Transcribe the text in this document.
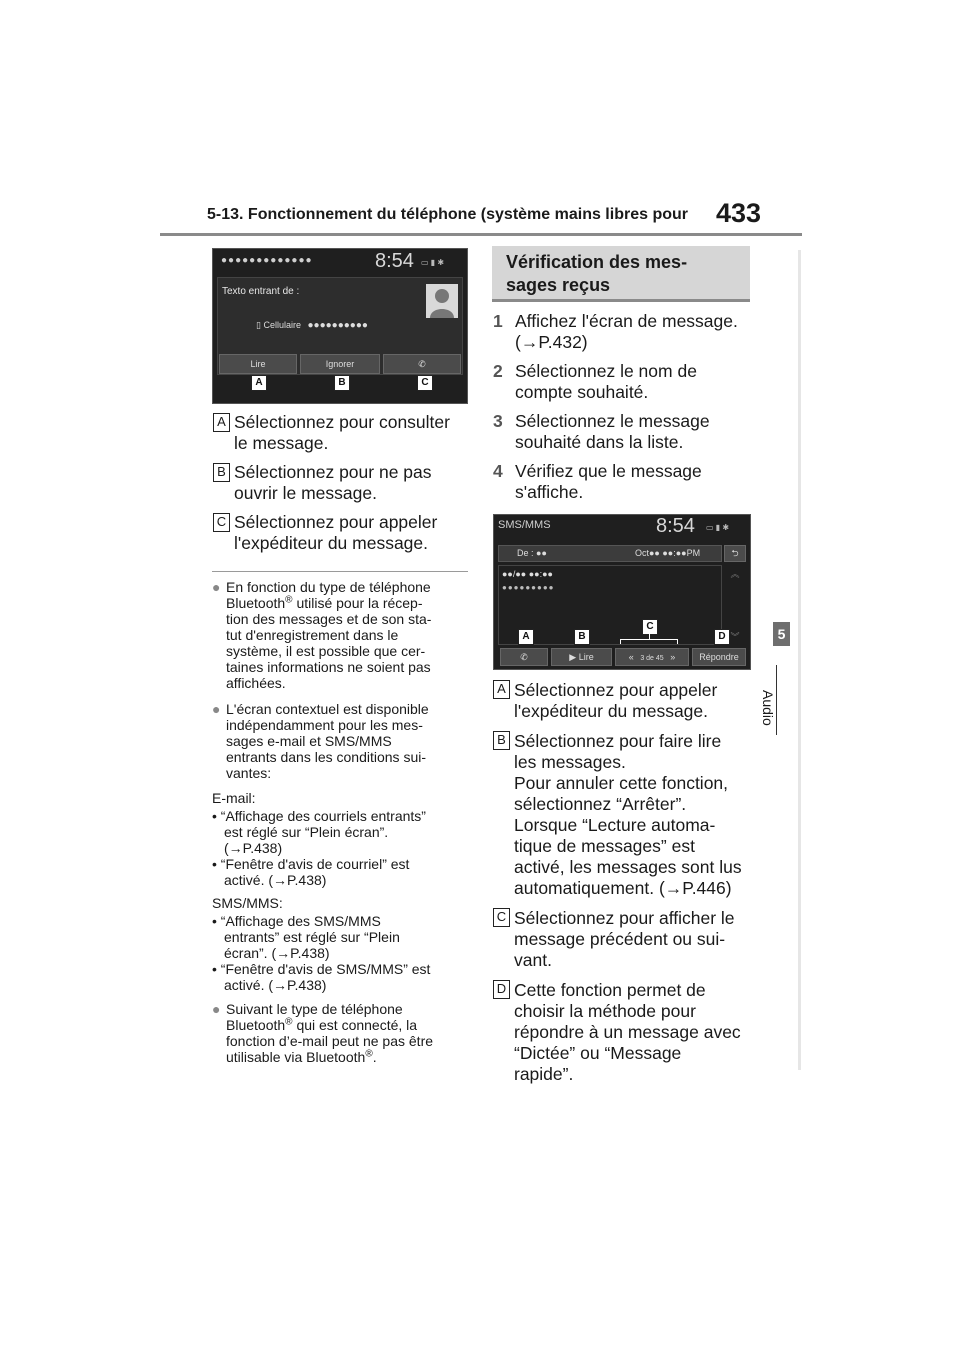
5-13. Fonctionnement du téléphone (système mains libres pour 433
5
Audio
●●●●●●●●●●●●●	8:54 ▭ ▮ ✱
Texto entrant de :
▯ Cellulaire ●●●●●●●●●●
Lire	Ignorer	✆
A	B	C
A Sélectionnez pour consulter
le message.
B Sélectionnez pour ne pas
ouvrir le message.
C Sélectionnez pour appeler
l'expéditeur du message.
● En fonction du type de téléphone
Bluetooth® utilisé pour la récep-
tion des messages et de son sta-
tut d'enregistrement dans le
système, il est possible que cer-
taines informations ne soient pas
affichées.
● L'écran contextuel est disponible
indépendamment pour les mes-
sages e-mail et SMS/MMS
entrants dans les conditions sui-
vantes:
E-mail:
• “Affichage des courriels entrants”
est réglé sur “Plein écran”.
(→P.438)
• “Fenêtre d'avis de courriel” est
activé. (→P.438)
SMS/MMS:
• “Affichage des SMS/MMS
entrants” est réglé sur “Plein
écran”. (→P.438)
• “Fenêtre d'avis de SMS/MMS” est
activé. (→P.438)
● Suivant le type de téléphone
Bluetooth® qui est connecté, la
fonction d’e-mail peut ne pas être
utilisable via Bluetooth®.
Vérification des mes-
sages reçus
1 Affichez l'écran de message.
(→P.432)
2 Sélectionnez le nom de
compte souhaité.
3 Sélectionnez le message
souhaité dans la liste.
4 Vérifiez que le message
s'affiche.
SMS/MMS	8:54 ▭ ▮ ✱
De : ●●	Oct●● ●●:●●PM	⮌
●●/●● ●●:●●
●●●●●●●●●
︽
︾
✆	▶ Lire	« 3 de 45 »	Répondre
A	B
C
D
A Sélectionnez pour appeler
l'expéditeur du message.
B Sélectionnez pour faire lire
les messages.
Pour annuler cette fonction,
sélectionnez “Arrêter”.
Lorsque “Lecture automa-
tique de messages” est
activé, les messages sont lus
automatiquement. (→P.446)
C Sélectionnez pour afficher le
message précédent ou sui-
vant.
D Cette fonction permet de
choisir la méthode pour
répondre à un message avec
“Dictée” ou “Message
rapide”.
